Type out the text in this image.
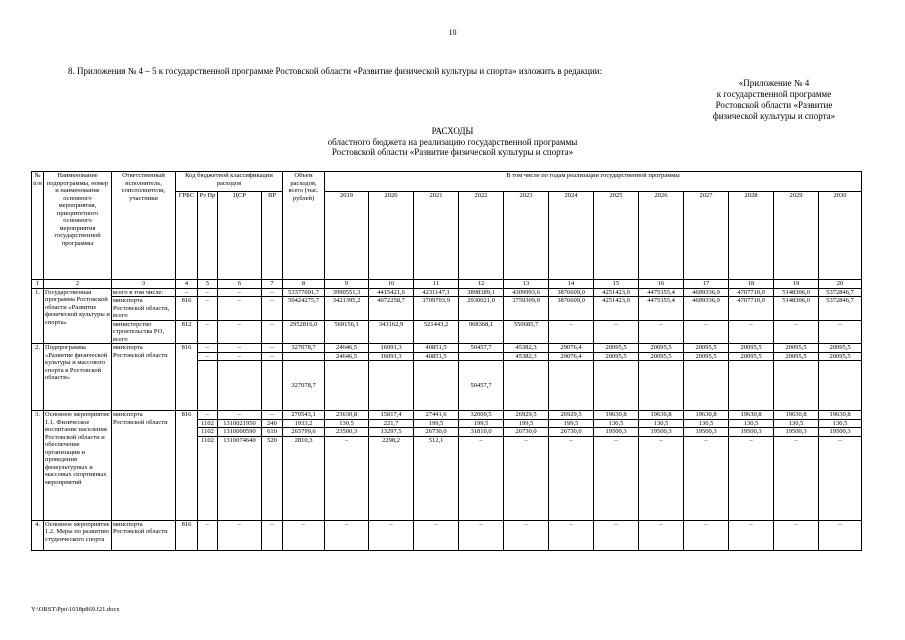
10
8. Приложения № 4 – 5 к государственной программе Ростовской области «Развитие физической культуры и спорта» изложить в редакции:
«Приложение № 4
к государственной программе
Ростовской области «Развитие
физической культуры и спорта»
РАСХОДЫ
областного бюджета на реализацию государственной программы
Ростовской области «Развитие физической культуры и спорта»
№ п/н	Наименование подпрограммы, номер и наименование основного мероприятия, приоритетного основного мероприятия государственной программы	Ответственный исполнитель, соисполнители, участники	Код бюджетной классификации расходов				Объем расходов, всего (тыс. рублей)	В том числе по годам реализации государственной программы											
			ГРБС	Рз Пр	ЦСР	ВР		2019	2020	2021	2022	2023	2024	2025	2026	2027	2028	2029	2030
1	2	3	4	5	6	7	8	9	10	11	12	13	14	15	16	17	18	19	20
1.	Государственная программа Ростовской области «Развитие физической культуры и спорта»	всего в том числе:	–	–	–	–	53377091,7	3990551,3	4415421,6	4231147,1	3898389,1	4309993,6	3876609,0	4251423,0	4475355,4	4699336,9	4707710,0	5148306,0	5372846,7
		минспорта Ростовской области, всего	816	–	–	–	50424275,7	3421395,2	4072258,7	3709703,9	2930021,0	3759309,9	3876609,0	4251423,0	4475355,4	4699336,9	4707710,0	5148306,0	5372846,7
		министерство строительства РО, всего	812	–	–	–	2952816,0	569156,1	343162,9	521443,2	968368,1	550685,7	–	–	–	–	–	–	–
2.	Подпрограмма «Развитие физической культуры и массового спорта в Ростовской области»	минспорта Ростовской области	816	–	–	–	327078,7	24646,5	16091,3	40851,5	50457,7	45382,3	29076,4	20095,5	20095,5	20095,5	20095,5	20095,5	20095,5
				–	–	–		24646,5	16091,3	40851,5		45382,3	29076,4	20095,5	20095,5	20095,5	20095,5	20095,5	20095,5
							327078,7				50457,7								
3.	Основное мероприятие 1.1. Физическое воспитание населения Ростовской области и обеспечение организации и проведения физкультурных и массовых спортивных мероприятий	минспорта Ростовской области	816	–	–	–	270543,1	23630,8	15817,4	27441,6	32009,5	26929,5	26929,5	19630,8	19630,8	19630,8	19630,8	19630,8	19630,8
				1102	1310021950	240	1933,2	130,5	221,7	199,5	199,5	199,5	199,5	130,5	130,5	130,5	130,5	130,5	130,5
				1102	1310000590	610	265799,6	23500,3	13297,5	26730,0	31810,0	26730,0	26730,0	19500,3	19500,3	19500,3	19500,3	19500,3	19500,3
				1102	1310074640	520	2810,3	–	2298,2	512,1	–	–	–	–	–	–	–	–	–
4.	Основное мероприятие 1.2. Меры по развитию студенческого спорта	минспорта Ростовской области	816	–	–	–	–	–	–	–	–	–	–	–	–	–	–	–	–
Y:\ORST\Ppo\1018p869.f21.docx
